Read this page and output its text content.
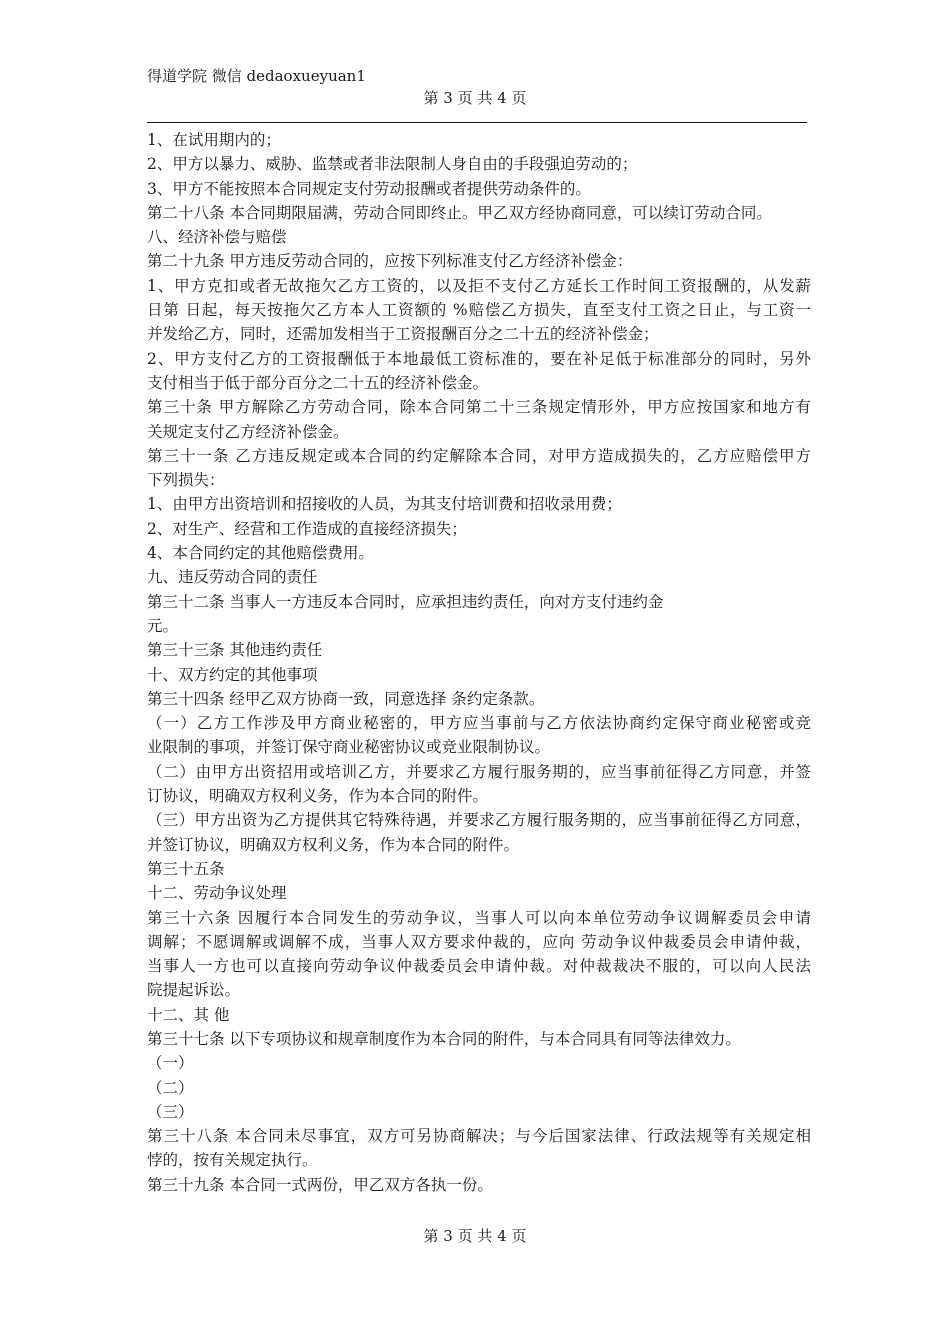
得道学院 微信 dedaoxueyuan1
第 3 页 共 4 页
1、在试用期内的；
2、甲方以暴力、威胁、监禁或者非法限制人身自由的手段强迫劳动的；
3、甲方不能按照本合同规定支付劳动报酬或者提供劳动条件的。
第二十八条 本合同期限届满，劳动合同即终止。甲乙双方经协商同意，可以续订劳动合同。
八、经济补偿与赔偿
第二十九条 甲方违反劳动合同的，应按下列标准支付乙方经济补偿金：
1、甲方克扣或者无故拖欠乙方工资的，以及拒不支付乙方延长工作时间工资报酬的，从发薪
日第 日起，每天按拖欠乙方本人工资额的 %赔偿乙方损失，直至支付工资之日止，与工资一
并发给乙方，同时，还需加发相当于工资报酬百分之二十五的经济补偿金；
2、甲方支付乙方的工资报酬低于本地最低工资标准的，要在补足低于标准部分的同时，另外
支付相当于低于部分百分之二十五的经济补偿金。
第三十条 甲方解除乙方劳动合同，除本合同第二十三条规定情形外，甲方应按国家和地方有
关规定支付乙方经济补偿金。
第三十一条 乙方违反规定或本合同的约定解除本合同，对甲方造成损失的，乙方应赔偿甲方
下列损失：
1、由甲方出资培训和招接收的人员，为其支付培训费和招收录用费；
2、对生产、经营和工作造成的直接经济损失；
4、本合同约定的其他赔偿费用。
九、违反劳动合同的责任
第三十二条 当事人一方违反本合同时，应承担违约责任，向对方支付违约金
元。
第三十三条 其他违约责任
十、双方约定的其他事项
第三十四条 经甲乙双方协商一致，同意选择 条约定条款。
（一）乙方工作涉及甲方商业秘密的，甲方应当事前与乙方依法协商约定保守商业秘密或竞
业限制的事项，并签订保守商业秘密协议或竞业限制协议。
（二）由甲方出资招用或培训乙方，并要求乙方履行服务期的，应当事前征得乙方同意，并签
订协议，明确双方权利义务，作为本合同的附件。
（三）甲方出资为乙方提供其它特殊待遇，并要求乙方履行服务期的，应当事前征得乙方同意，
并签订协议，明确双方权利义务，作为本合同的附件。
第三十五条
十二、劳动争议处理
第三十六条 因履行本合同发生的劳动争议，当事人可以向本单位劳动争议调解委员会申请
调解；不愿调解或调解不成，当事人双方要求仲裁的，应向 劳动争议仲裁委员会申请仲裁，
当事人一方也可以直接向劳动争议仲裁委员会申请仲裁。对仲裁裁决不服的，可以向人民法
院提起诉讼。
十二、其 他
第三十七条 以下专项协议和规章制度作为本合同的附件，与本合同具有同等法律效力。
（一）
（二）
（三）
第三十八条 本合同未尽事宜，双方可另协商解决；与今后国家法律、行政法规等有关规定相
悖的，按有关规定执行。
第三十九条 本合同一式两份，甲乙双方各执一份。
第 3 页 共 4 页
